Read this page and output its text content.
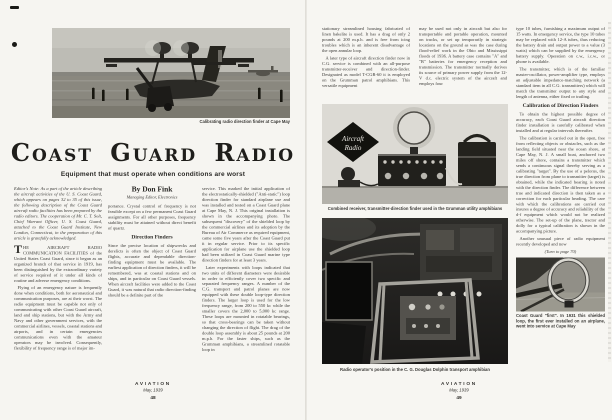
Calibrating radio direction finder at Cape May
Coast Guard Radio
Equipment that must operate when conditions are worst

Editor's Note: As a part of the article describing the aircraft activities of the U. S. Coast Guard, which appears on pages 32 to 35 of this issue, the following description of the Coast Guard aircraft radio facilities has been prepared by the radio editors. The cooperation of Mr. C. T. Solt, Chief Warrant Officer, U. S. Coast Guard, attached to the Coast Guard Institute, New London, Connecticut, in the preparation of this article is gratefully acknowledged.

THE AIRCRAFT RADIO COMMUNICATION FACILITIES of the United States Coast Guard, since it began as an organized branch of that service in 1919, has been distinguished by the extraordinary variety of service required of it under all kinds of routine and adverse emergency conditions.

Flying of an emergency nature is frequently done when conditions, both for aeronautical and communication purposes, are at their worst. The radio equipment must be capable not only of communicating with other Coast Guard aircraft, land and ship stations, but with the Army and Navy and other government services, with the commercial airlines, vessels, coastal stations and airports, and in certain emergencies communications even with the amateur operators may be involved. Consequently, flexibility of frequency range is of major im-

By Don Fink
Managing Editor, Electronics

portance. Crystal control of frequency is not feasible except on a few permanent Coast Guard assignments. For all other purposes, frequency stability must be attained without direct benefit of quartz.

Direction Finders

Since the precise location of shipwrecks and derelicts is often the object of Coast Guard flights, accurate and dependable direction-finding equipment must be available. The earliest application of direction finders, it will be remembered, was at coastal stations and on ships, and in particular on Coast Guard vessels. When aircraft facilities were added to the Coast Guard, it was natural that radio direction-finding should be a definite part of the

service. This marked the initial application of the electrostatically-shielded ("Anti-static") loop direction finder for standard airplane use and was installed and tested on a Coast Guard plane at Cape May, N. J. This original installation is shown in the accompanying photo. The subsequent "discovery" of the shielded loop by the commercial airlines and its adoption by the Bureau of Air Commerce as required equipment, came some five years after the Coast Guard put it in regular service. Prior to its specific application for airplane use the shielded loop had been utilized in Coast Guard marine type direction finders for at least 3 years.

Later experiments with loops indicated that two units of different diameters were desirable in order to efficiently cover two specific and separated frequency ranges. A number of the C.G. transport and patrol planes are now equipped with these double loop-type direction finders. The larger loop is used for the low frequency range, from 200 to 550 kc while the smaller covers the 2,000 to 5,000 kc range. These loops are mounted in rotatable bearings, so that cross-bearings can be taken without changing the direction of flight. The drag of the double loop assembly is about 25 pounds at 200 m.p.h. For the faster ships, such as the Grumman amphibians, a streamlined rotatable loop in

AVIATION
May, 1939
48

stationary streamlined housing fabricated of linen bakelite is used. It has a drag of only 2 pounds at 200 m.p.h. and is free from icing troubles which is an inherent disadvantage of the open annular loop.

A later type of aircraft direction finder now in C.G. service is combined with an all-purpose transmitter-receiver and direction-finder. Designated as model T-CGR-60 it is employed on the Grumman patrol amphibians. This versatile equipment

may be used not only in aircraft but also for transportable and portable operation, mounted on trucks, or set up temporarily in strategic locations on the ground as was the case during flood-relief work in the Ohio and Mississippi floods of 1936. A battery case contains "A" and "B" batteries for emergency reception and transmission. The transmitter normally derives its source of primary power supply from the 12-V d.c. electric system of the aircraft and employs four

type 10 tubes, furnishing a maximum output of 15 watts. In emergency service, the type 10 tubes may be replaced with 12-A tubes, thus reducing the battery drain and output power to a value (3 watts) which can be supplied by the emergency battery supply. Operation on c.w., i.c.w., or phone is available.

The transmitter, which is of the familiar master-oscillator, power-amplifier type, employs an adjustable impedance-matching network (a standard item in all C.G. transmitters) which will match the transmitter output to any style and length of antenna, either fixed or trailing.

Calibration of Direction Finders

To obtain the highest possible degree of accuracy, each Coast Guard aircraft direction finder installation is carefully calibrated when installed and at regular intervals thereafter.

The calibration is carried out in the open, free from reflecting objects or obstacles, such as the landing field situated near the ocean shore, at Cape May, N. J. A small boat, anchored two miles off shore, contains a transmitter which sends a continuous signal thereby serving as a calibrating "target". By the use of a pelorus, the true direction from plane to transmitter (target) is obtained, while the indicated bearing is noted with the direction finder. The difference between true and indicated direction is then taken as a correction for each particular heading. The care with which the calibrations are carried out insures a degree of accuracy and reliability of the d-f equipment which would not be realized otherwise. The set-up of the plane, tractor and dolly for a typical calibration is shown in the accompanying picture.

Another unusual piece of radio equipment recently developed and now

(Turn to page 70)
Coast Guard "first". In 1931 this shielded loop, the first ever installed on an airplane, went into service at Cape May
Aircraft
Radio
Combined receiver, transmitter-direction finder used in the Grumman utility amphibians
Radio operator's position in the C. G. Douglas Dolphin transport amphibian
AVIATION
May, 1939
49
